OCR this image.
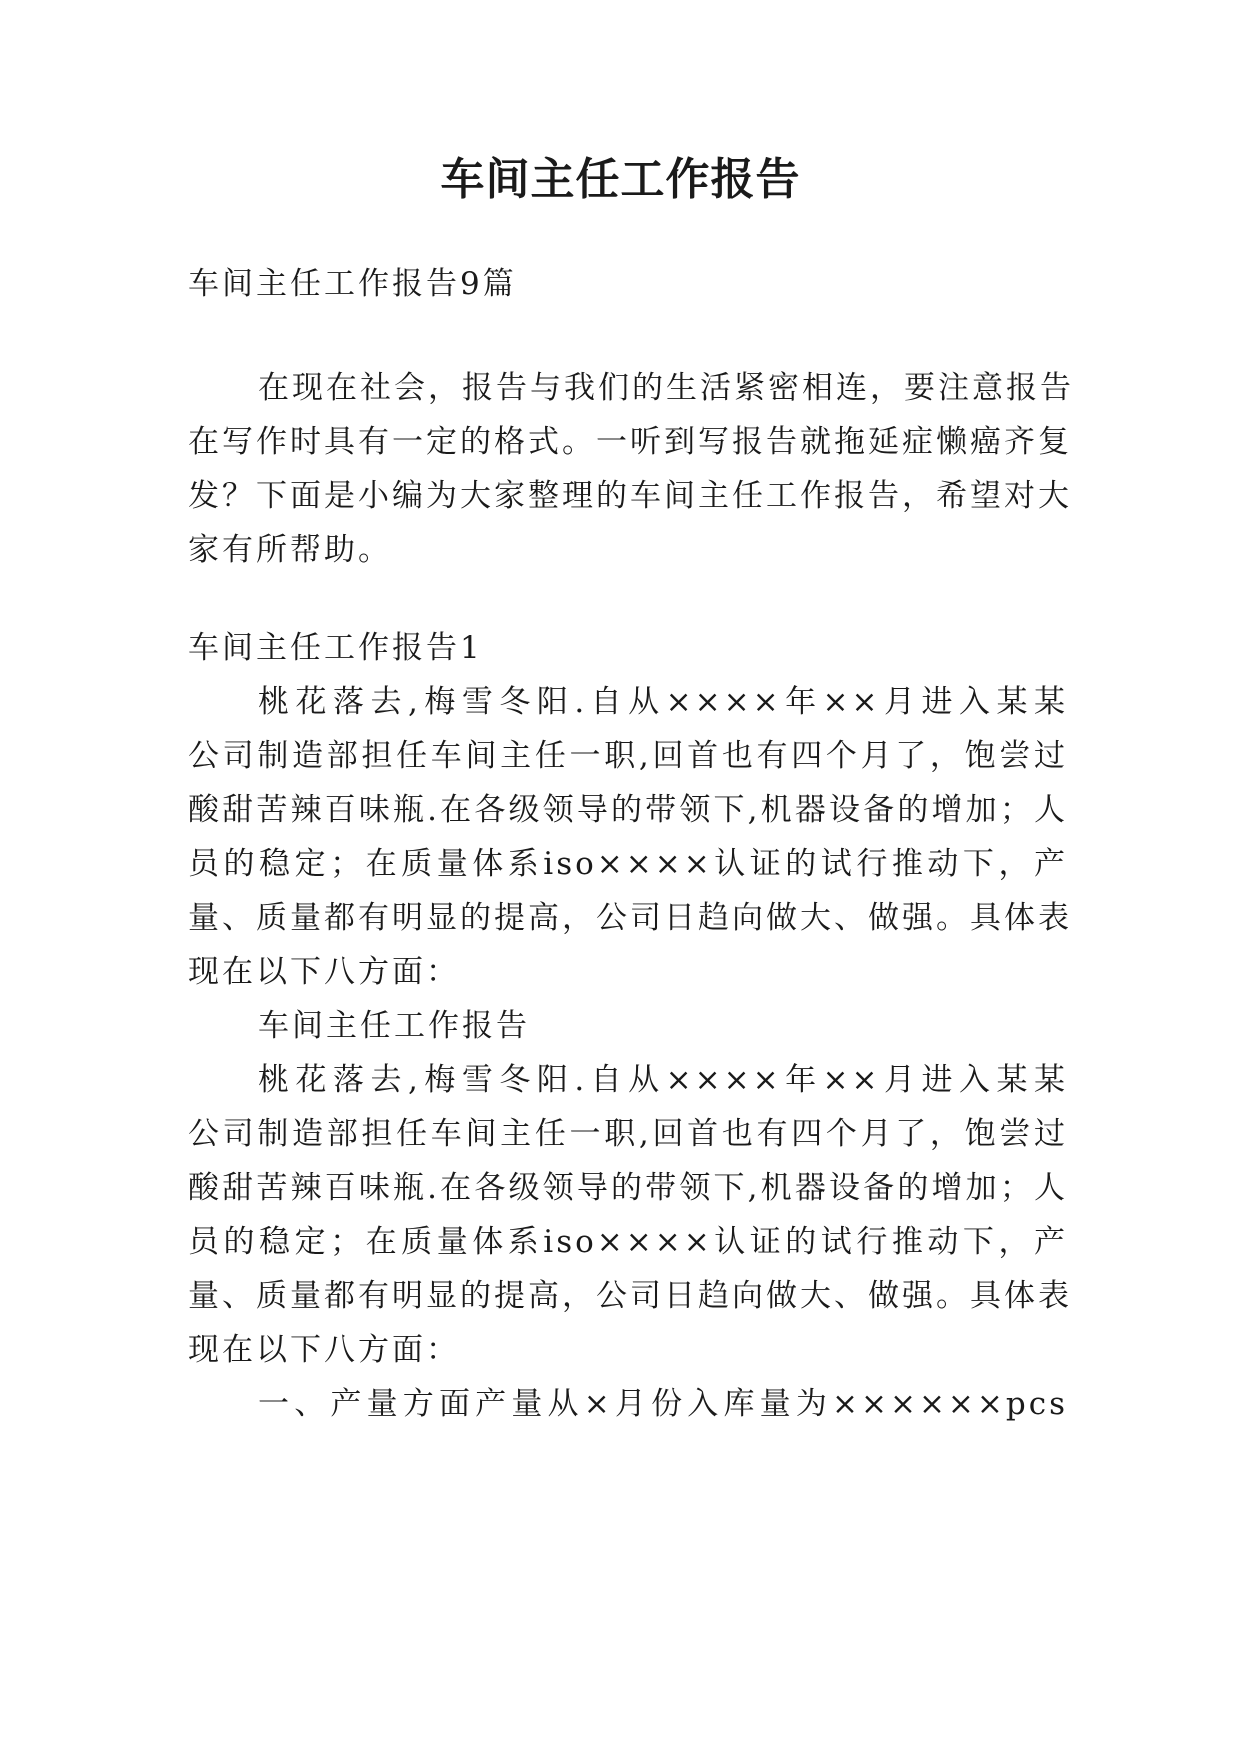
车间主任工作报告
车间主任工作报告9篇
在现在社会，报告与我们的生活紧密相连，要注意报告
在写作时具有一定的格式。一听到写报告就拖延症懒癌齐复
发？下面是小编为大家整理的车间主任工作报告，希望对大
家有所帮助。
车间主任工作报告1
桃花落去,梅雪冬阳.自从××××年××月进入某某
公司制造部担任车间主任一职,回首也有四个月了，饱尝过
酸甜苦辣百味瓶.在各级领导的带领下,机器设备的增加；人
员的稳定；在质量体系iso××××认证的试行推动下，产
量、质量都有明显的提高，公司日趋向做大、做强。具体表
现在以下八方面：
车间主任工作报告
桃花落去,梅雪冬阳.自从××××年××月进入某某
公司制造部担任车间主任一职,回首也有四个月了，饱尝过
酸甜苦辣百味瓶.在各级领导的带领下,机器设备的增加；人
员的稳定；在质量体系iso××××认证的试行推动下，产
量、质量都有明显的提高，公司日趋向做大、做强。具体表
现在以下八方面：
一、产量方面产量从×月份入库量为××××××pcs
